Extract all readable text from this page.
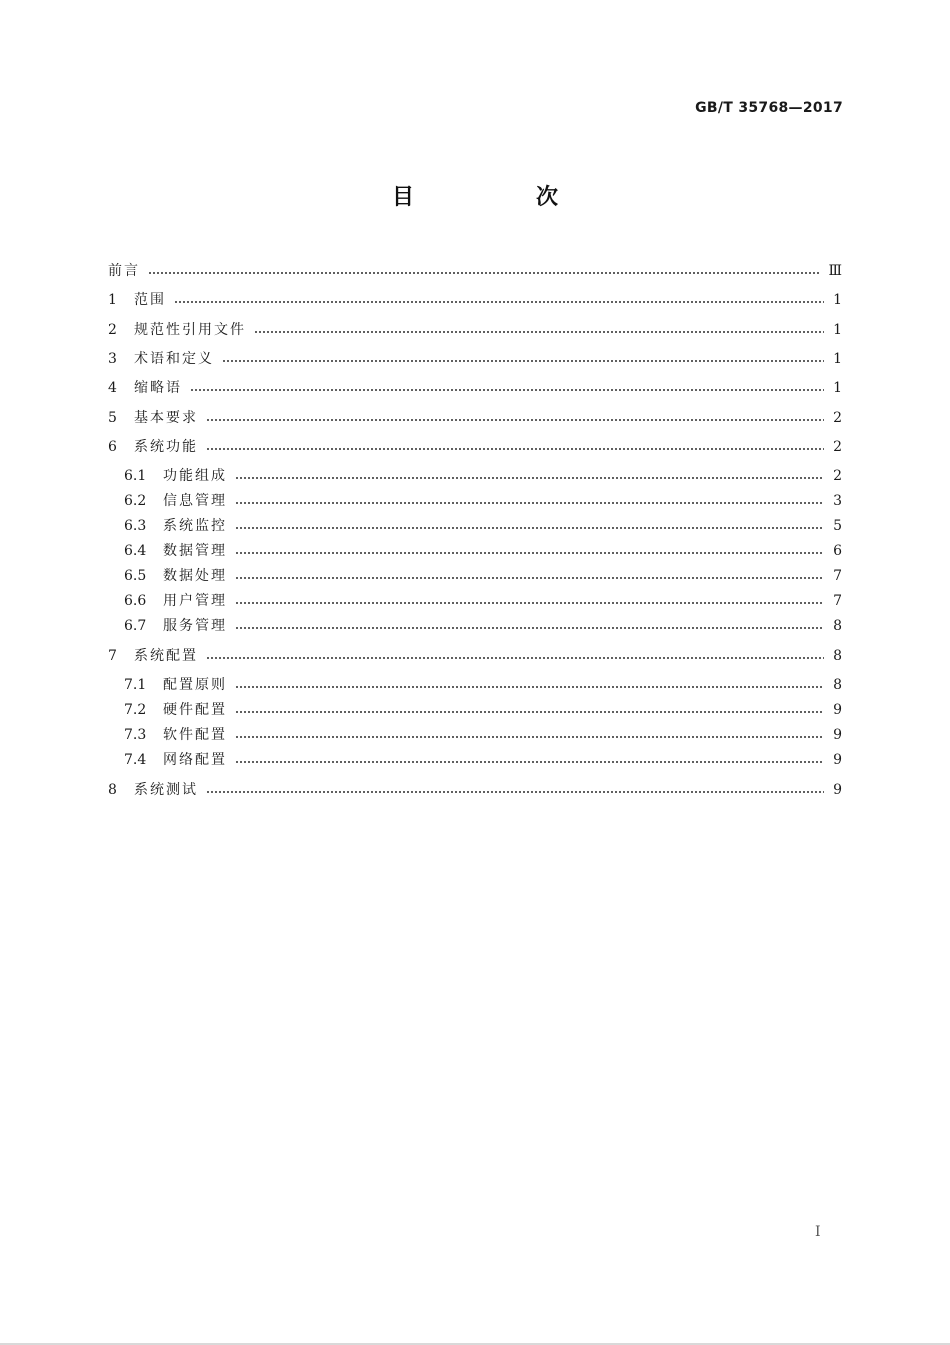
GB/T 35768—2017
目　次
前言	Ⅲ
1	范围	1
2	规范性引用文件	1
3	术语和定义	1
4	缩略语	1
5	基本要求	2
6	系统功能	2
6.1	功能组成	2
6.2	信息管理	3
6.3	系统监控	5
6.4	数据管理	6
6.5	数据处理	7
6.6	用户管理	7
6.7	服务管理	8
7	系统配置	8
7.1	配置原则	8
7.2	硬件配置	9
7.3	软件配置	9
7.4	网络配置	9
8	系统测试	9
I
